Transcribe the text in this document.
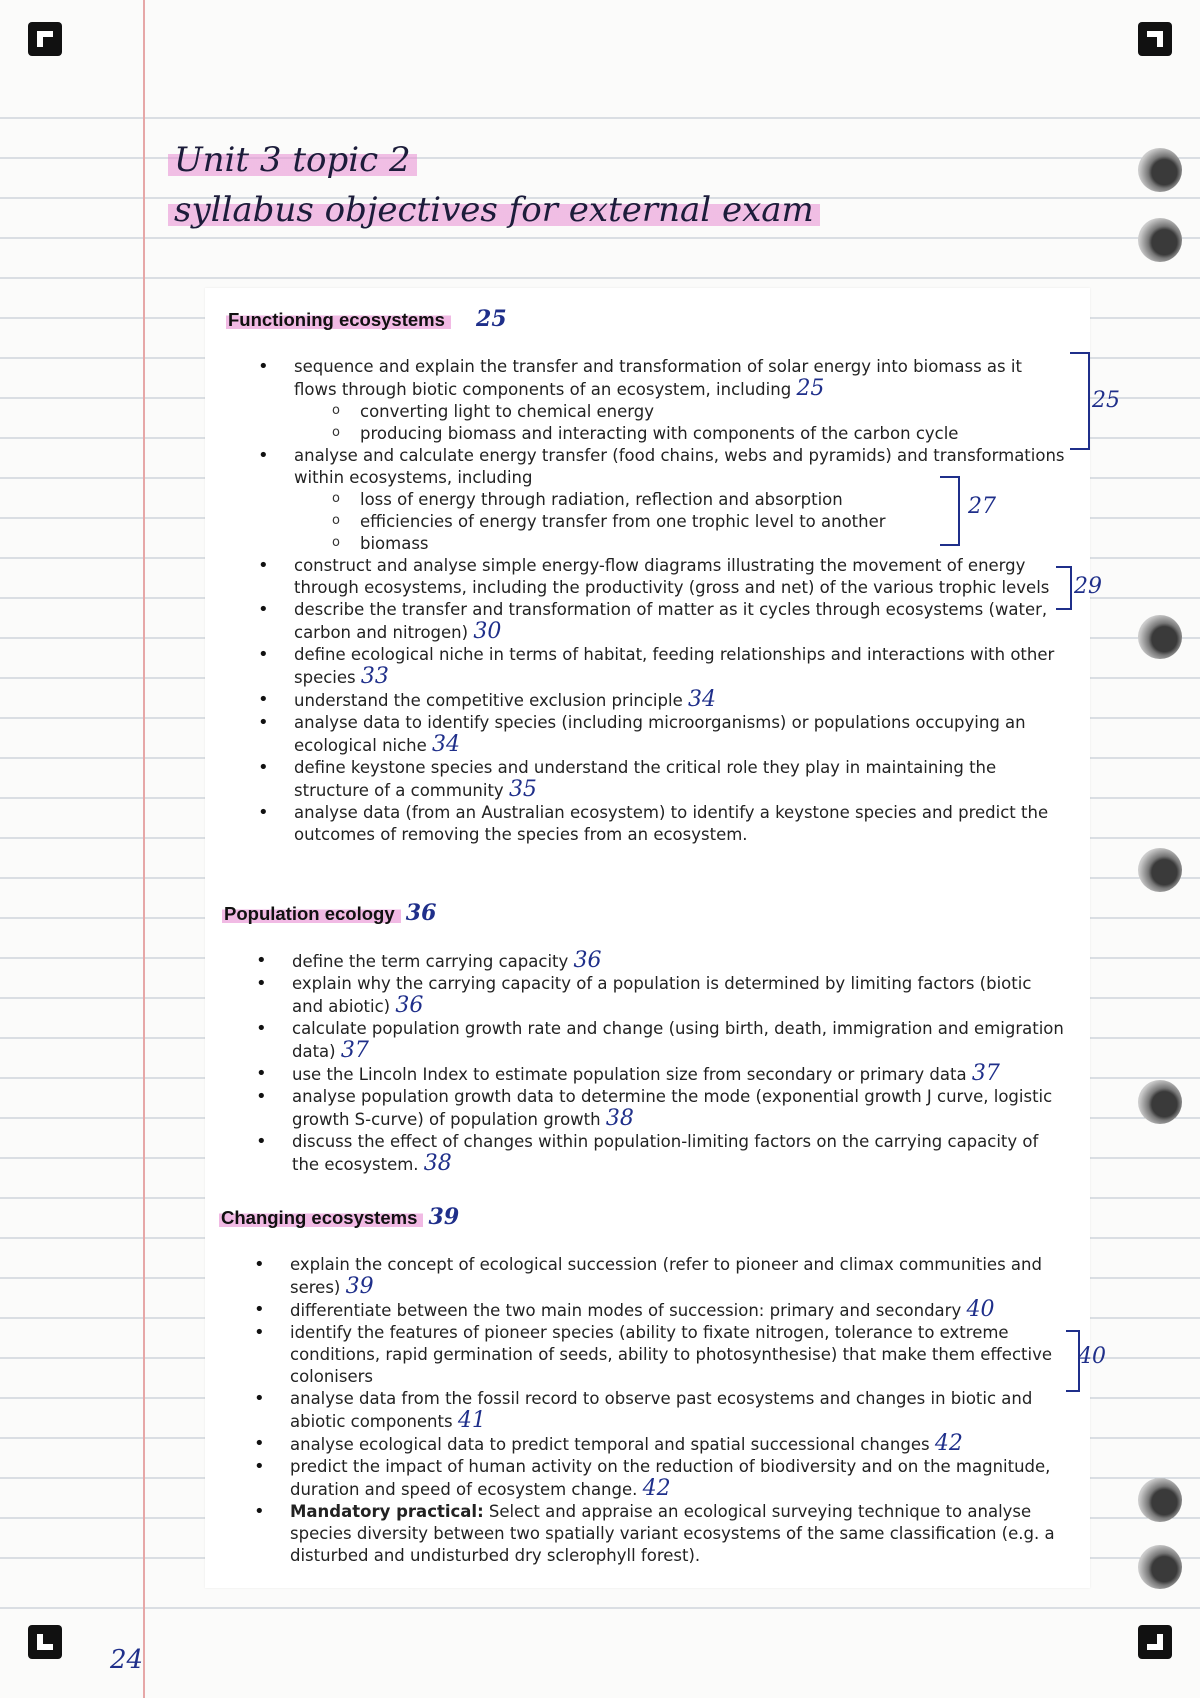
Unit 3 topic 2
syllabus objectives for external exam
Functioning ecosystems 25
• sequence and explain the transfer and transformation of solar energy into biomass as it flows through biotic components of an ecosystem, including 25
o converting light to chemical energy
o producing biomass and interacting with components of the carbon cycle
• analyse and calculate energy transfer (food chains, webs and pyramids) and transformations within ecosystems, including
o loss of energy through radiation, reflection and absorption
o efficiencies of energy transfer from one trophic level to another
o biomass
• construct and analyse simple energy-flow diagrams illustrating the movement of energy through ecosystems, including the productivity (gross and net) of the various trophic levels
• describe the transfer and transformation of matter as it cycles through ecosystems (water, carbon and nitrogen) 30
• define ecological niche in terms of habitat, feeding relationships and interactions with other species 33
• understand the competitive exclusion principle 34
• analyse data to identify species (including microorganisms) or populations occupying an ecological niche 34
• define keystone species and understand the critical role they play in maintaining the structure of a community 35
• analyse data (from an Australian ecosystem) to identify a keystone species and predict the outcomes of removing the species from an ecosystem.
25
27
29
Population ecology 36
• define the term carrying capacity 36
• explain why the carrying capacity of a population is determined by limiting factors (biotic and abiotic) 36
• calculate population growth rate and change (using birth, death, immigration and emigration data) 37
• use the Lincoln Index to estimate population size from secondary or primary data 37
• analyse population growth data to determine the mode (exponential growth J curve, logistic growth S-curve) of population growth 38
• discuss the effect of changes within population-limiting factors on the carrying capacity of the ecosystem. 38
Changing ecosystems 39
• explain the concept of ecological succession (refer to pioneer and climax communities and seres) 39
• differentiate between the two main modes of succession: primary and secondary 40
• identify the features of pioneer species (ability to fixate nitrogen, tolerance to extreme conditions, rapid germination of seeds, ability to photosynthesise) that make them effective colonisers
• analyse data from the fossil record to observe past ecosystems and changes in biotic and abiotic components 41
• analyse ecological data to predict temporal and spatial successional changes 42
• predict the impact of human activity on the reduction of biodiversity and on the magnitude, duration and speed of ecosystem change. 42
• Mandatory practical: Select and appraise an ecological surveying technique to analyse species diversity between two spatially variant ecosystems of the same classification (e.g. a disturbed and undisturbed dry sclerophyll forest).
40
24
